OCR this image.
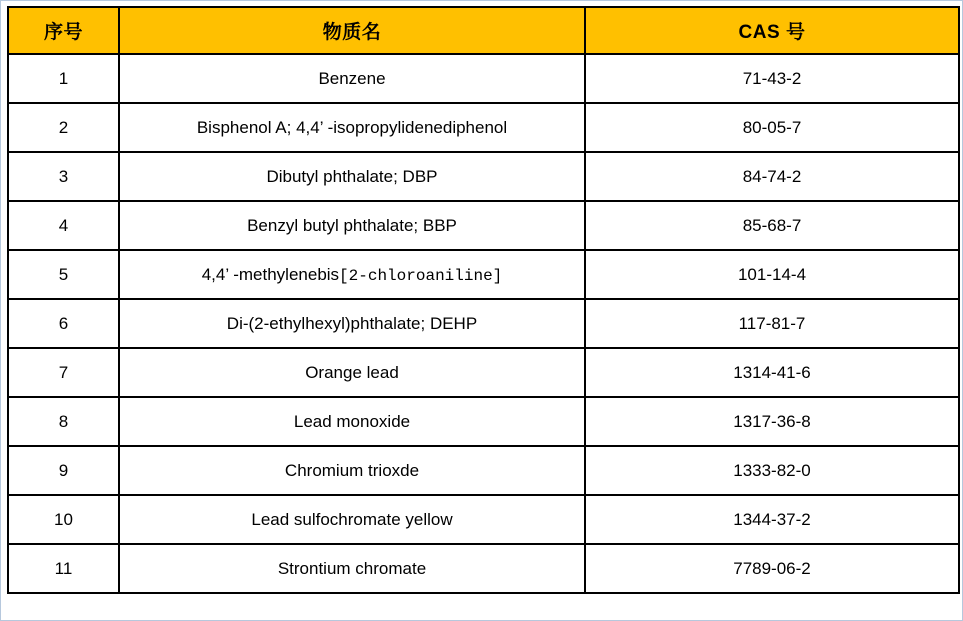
序号	物质名	CAS 号
1	Benzene	71-43-2
2	Bisphenol A; 4,4’ -isopropylidenediphenol	80-05-7
3	Dibutyl phthalate; DBP	84-74-2
4	Benzyl butyl phthalate; BBP	85-68-7
5	4,4’ -methylenebis[2-chloroaniline]	101-14-4
6	Di-(2-ethylhexyl)phthalate; DEHP	117-81-7
7	Orange lead	1314-41-6
8	Lead monoxide	1317-36-8
9	Chromium trioxde	1333-82-0
10	Lead sulfochromate yellow	1344-37-2
11	Strontium chromate	7789-06-2
